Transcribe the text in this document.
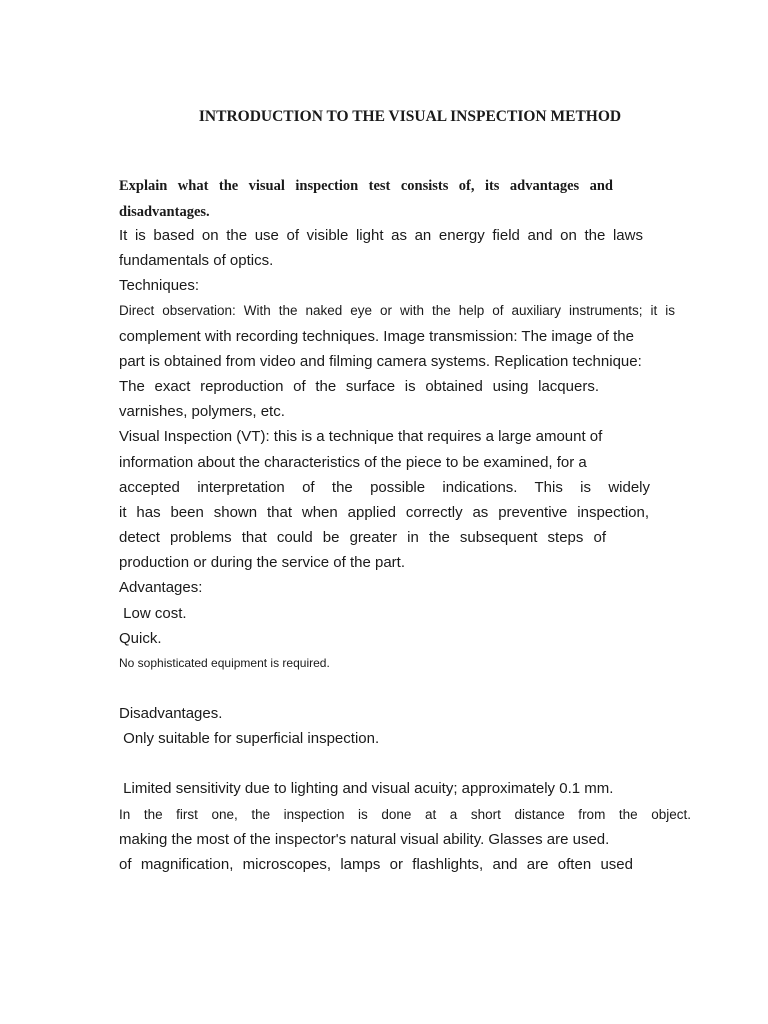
INTRODUCTION TO THE VISUAL INSPECTION METHOD
Explain what the visual inspection test consists of, its advantages and
disadvantages.
It is based on the use of visible light as an energy field and on the laws
fundamentals of optics.
Techniques:
Direct observation: With the naked eye or with the help of auxiliary instruments; it is
complement with recording techniques. Image transmission: The image of the
part is obtained from video and filming camera systems. Replication technique:
The exact reproduction of the surface is obtained using lacquers.
varnishes, polymers, etc.
Visual Inspection (VT): this is a technique that requires a large amount of
information about the characteristics of the piece to be examined, for a
accepted interpretation of the possible indications. This is widely
it has been shown that when applied correctly as preventive inspection,
detect problems that could be greater in the subsequent steps of
production or during the service of the part.
Advantages:
Low cost.
Quick.
No sophisticated equipment is required.
Disadvantages.
Only suitable for superficial inspection.
Limited sensitivity due to lighting and visual acuity; approximately 0.1 mm.
In the first one, the inspection is done at a short distance from the object.
making the most of the inspector's natural visual ability. Glasses are used.
of magnification, microscopes, lamps or flashlights, and are often used
